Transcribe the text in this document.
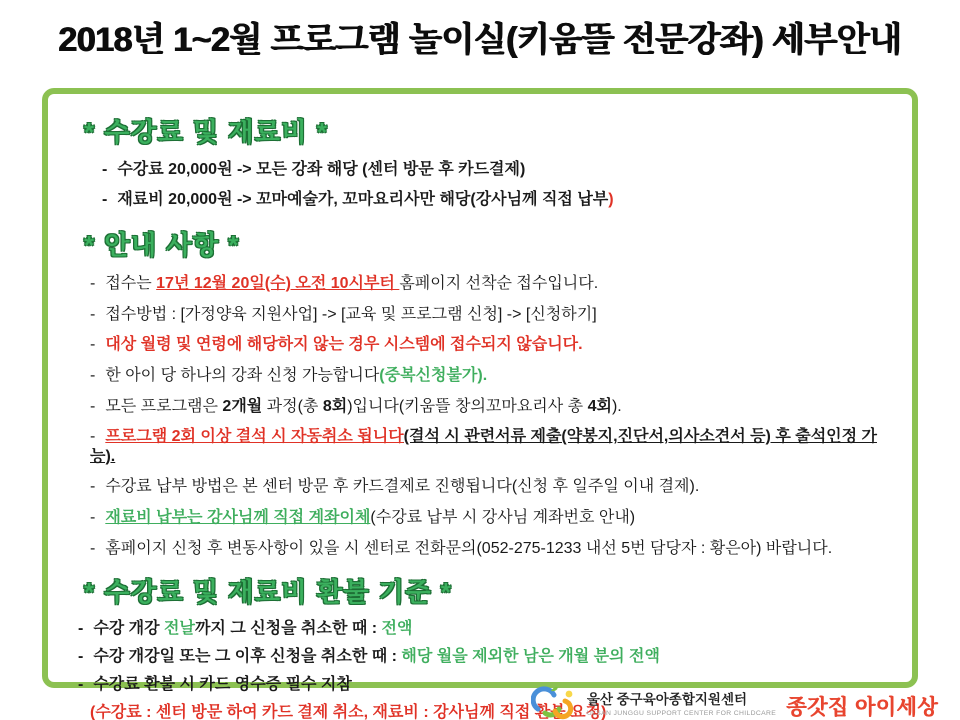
2018년 1~2월 프로그램 놀이실(키움뜰 전문강좌) 세부안내
* 수강료 및 재료비 *
- 수강료 20,000원 -> 모든 강좌 해당 (센터 방문 후 카드결제)
- 재료비 20,000원 -> 꼬마예술가, 꼬마요리사만 해당(강사님께 직접 납부)
* 안내 사항 *
- 접수는 17년 12월 20일(수) 오전 10시부터 홈페이지 선착순 접수입니다.
- 접수방법 : [가정양육 지원사업] -> [교육 및 프로그램 신청] -> [신청하기]
- 대상 월령 및 연령에 해당하지 않는 경우 시스템에 접수되지 않습니다.
- 한 아이 당 하나의 강좌 신청 가능합니다(중복신청불가).
- 모든 프로그램은 2개월 과정(총 8회)입니다(키움뜰 창의꼬마요리사 총 4회).
- 프로그램 2회 이상 결석 시 자동취소 됩니다(결석 시 관련서류 제출(약봉지,진단서,의사소견서 등) 후 출석인정 가능).
- 수강료 납부 방법은 본 센터 방문 후 카드결제로 진행됩니다(신청 후 일주일 이내 결제).
- 재료비 납부는 강사님께 직접 계좌이체(수강료 납부 시 강사님 계좌번호 안내)
- 홈페이지 신청 후 변동사항이 있을 시 센터로 전화문의(052-275-1233 내선 5번 담당자 : 황은아) 바랍니다.
* 수강료 및 재료비 환불 기준 *
- 수강 개강 전날까지 그 신청을 취소한 때 : 전액
- 수강 개강일 또는 그 이후 신청을 취소한 때 : 해당 월을 제외한 남은 개월 분의 전액
- 수강료 환불 시 카드 영수증 필수 지참
(수강료 : 센터 방문 하여 카드 결제 취소, 재료비 : 강사님께 직접 환불 요청)
울산 중구육아종합지원센터
ULSAN JUNGGU SUPPORT CENTER FOR CHILDCARE 종갓집 아이세상
